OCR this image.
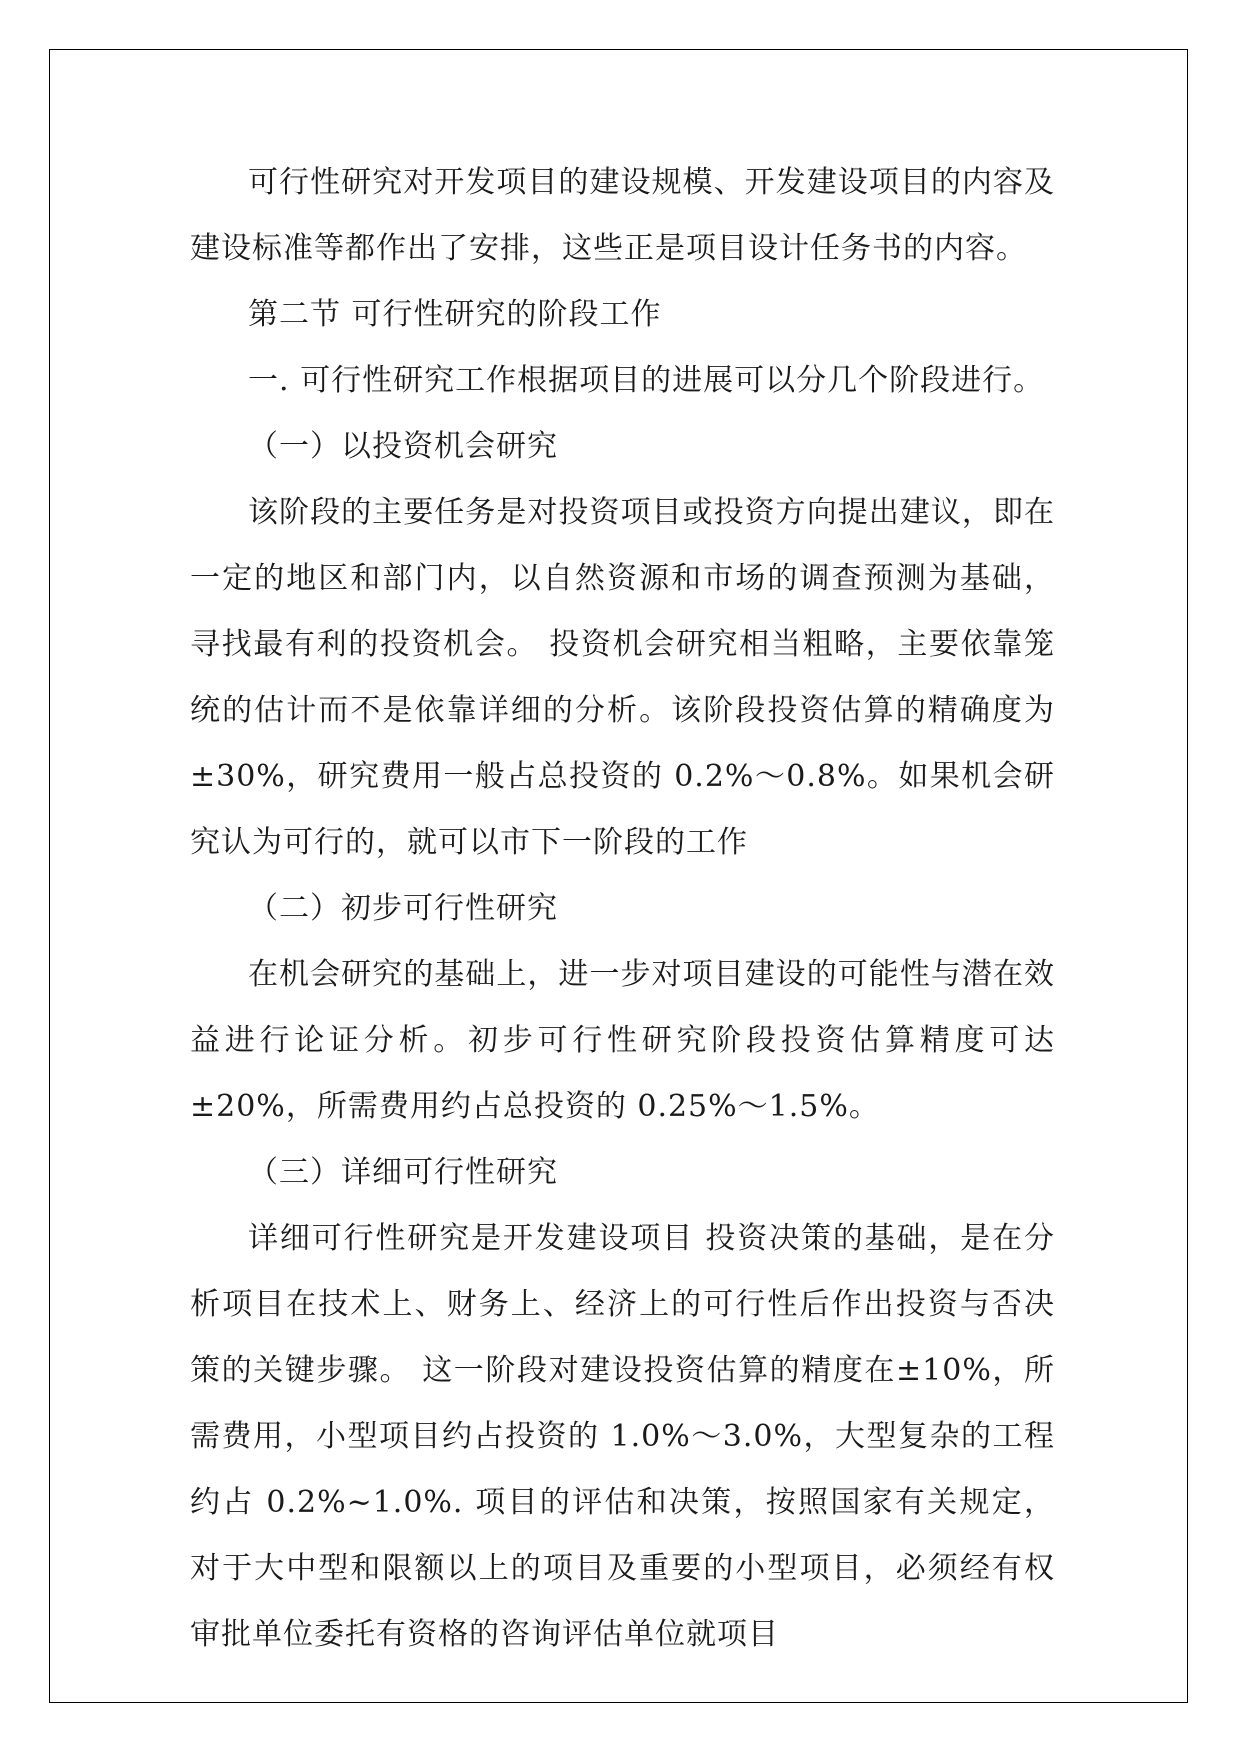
可行性研究对开发项目的建设规模、开发建设项目的内容及建设标准等都作出了安排，这些正是项目设计任务书的内容。

第二节 可行性研究的阶段工作

一. 可行性研究工作根据项目的进展可以分几个阶段进行。

（一）以投资机会研究

该阶段的主要任务是对投资项目或投资方向提出建议，即在一定的地区和部门内，以自然资源和市场的调查预测为基础，寻找最有利的投资机会。 投资机会研究相当粗略，主要依靠笼统的估计而不是依靠详细的分析。该阶段投资估算的精确度为±30%，研究费用一般占总投资的 0.2%～0.8%。如果机会研究认为可行的，就可以市下一阶段的工作

（二）初步可行性研究

在机会研究的基础上，进一步对项目建设的可能性与潜在效益进行论证分析。初步可行性研究阶段投资估算精度可达±20%，所需费用约占总投资的 0.25%～1.5%。

（三）详细可行性研究

详细可行性研究是开发建设项目 投资决策的基础，是在分析项目在技术上、财务上、经济上的可行性后作出投资与否决策的关键步骤。 这一阶段对建设投资估算的精度在±10%，所需费用，小型项目约占投资的 1.0%～3.0%，大型复杂的工程约占 0.2%~1.0%. 项目的评估和决策，按照国家有关规定，对于大中型和限额以上的项目及重要的小型项目，必须经有权审批单位委托有资格的咨询评估单位就项目
